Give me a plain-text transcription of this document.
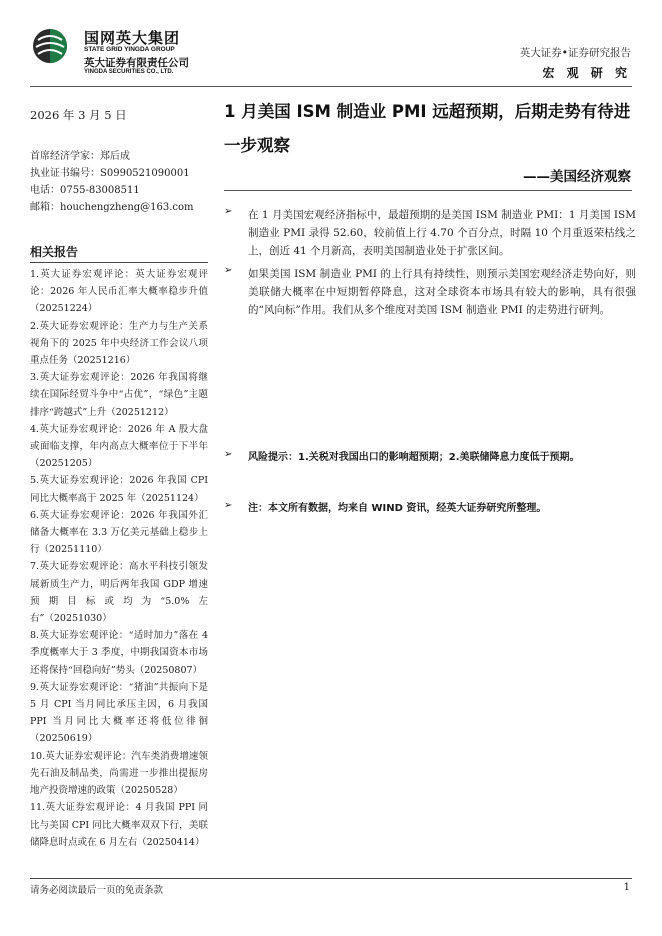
国网英大集团
STATE GRID YINGDA GROUP
英大证券有限责任公司
YINGDA SECURITIES CO., LTD.
英大证券•证券研究报告
宏 观 研 究
2026 年 3 月 5 日
首席经济学家：郑后成
执业证书编号：S0990521090001
电话：0755-83008511
邮箱：houchengzheng@163.com
相关报告
1.英大证券宏观评论：英大证券宏观评论：2026 年人民币汇率大概率稳步升值（20251224）
2.英大证券宏观评论：生产力与生产关系视角下的 2025 年中央经济工作会议八项重点任务（20251216）
3.英大证券宏观评论：2026 年我国将继续在国际经贸斗争中“占优”，“绿色”主题排序“跨越式”上升（20251212）
4.英大证券宏观评论：2026 年 A 股大盘或面临支撑，年内高点大概率位于下半年（20251205）
5.英大证券宏观评论：2026 年我国 CPI 同比大概率高于 2025 年（20251124）
6.英大证券宏观评论：2026 年我国外汇储备大概率在 3.3 万亿美元基础上稳步上行（20251110）
7.英大证券宏观评论：高水平科技引领发展新质生产力，明后两年我国 GDP 增速预期目标或均为“5.0%左右”（20251030）
8.英大证券宏观评论：“适时加力”落在 4 季度概率大于 3 季度，中期我国资本市场还将保持“回稳向好”势头（20250807）
9.英大证券宏观评论：“猪油”共振向下是 5 月 CPI 当月同比承压主因，6 月我国 PPI 当月同比大概率还将低位徘徊（20250619）
10.英大证券宏观评论：汽车类消费增速领先石油及制品类，尚需进一步推出提振房地产投资增速的政策（20250528）
11.英大证券宏观评论：4 月我国 PPI 同比与美国 CPI 同比大概率双双下行，美联储降息时点或在 6 月左右（20250414）
1 月美国 ISM 制造业 PMI 远超预期，后期走势有待进一步观察
——美国经济观察
➢	在 1 月美国宏观经济指标中，最超预期的是美国 ISM 制造业 PMI：1 月美国 ISM 制造业 PMI 录得 52.60，较前值上行 4.70 个百分点，时隔 10 个月重返荣枯线之上，创近 41 个月新高，表明美国制造业处于扩张区间。
➢	如果美国 ISM 制造业 PMI 的上行具有持续性，则预示美国宏观经济走势向好，则美联储大概率在中短期暂停降息，这对全球资本市场具有较大的影响，具有很强的“风向标”作用。我们从多个维度对美国 ISM 制造业 PMI 的走势进行研判。
➢	风险提示：1.关税对我国出口的影响超预期；2.美联储降息力度低于预期。
➢	注：本文所有数据，均来自 WIND 资讯，经英大证券研究所整理。
请务必阅读最后一页的免责条款	1
